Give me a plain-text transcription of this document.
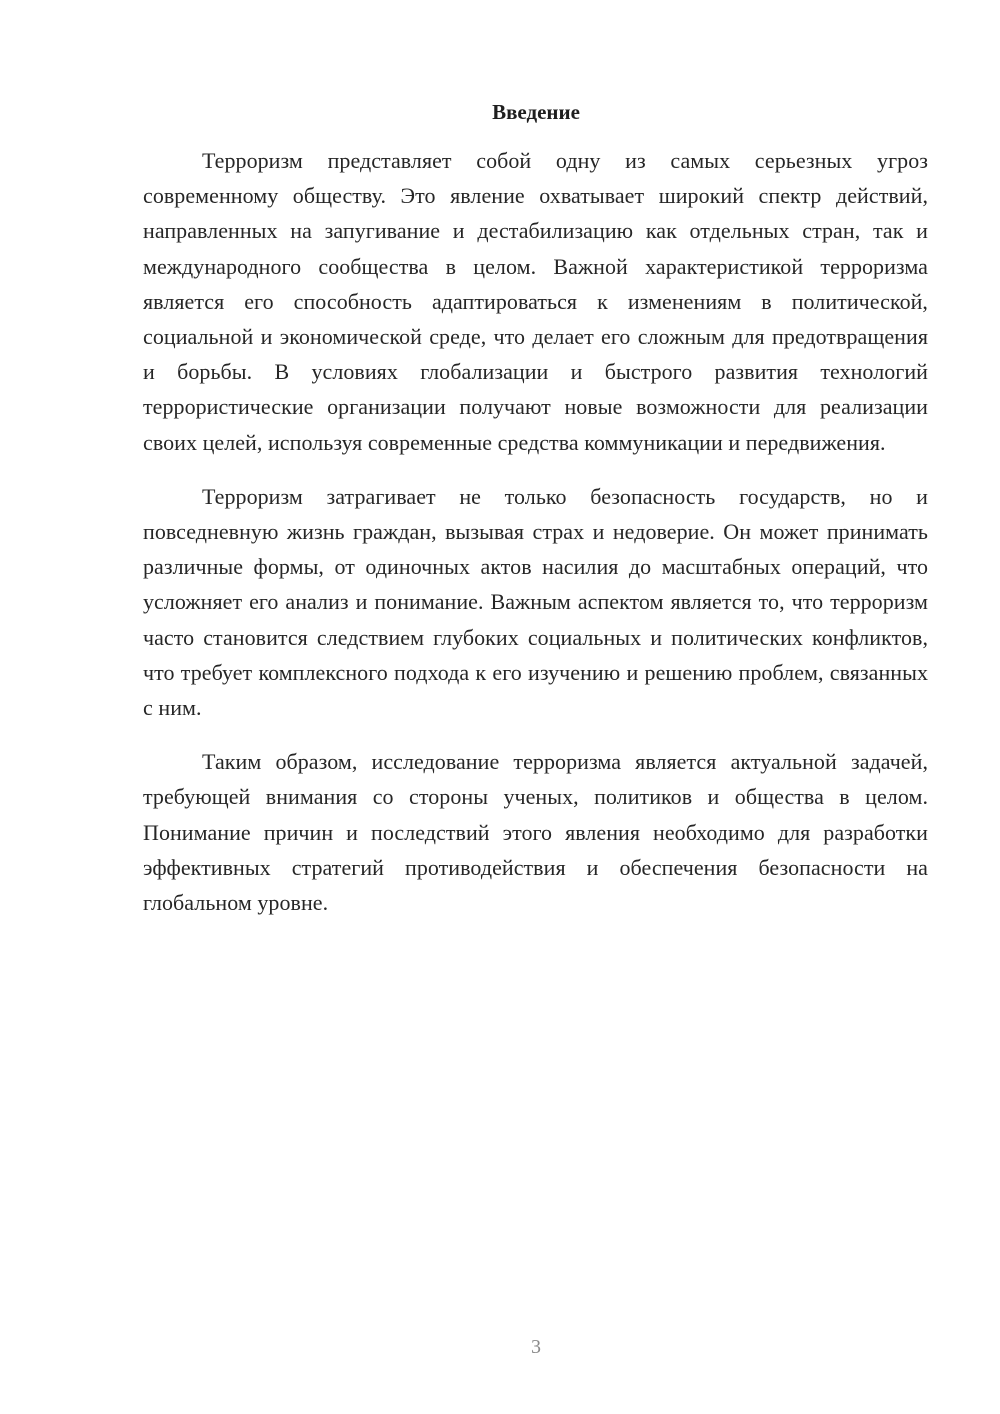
Введение

Терроризм представляет собой одну из самых серьезных угроз современному обществу. Это явление охватывает широкий спектр действий, направленных на запугивание и дестабилизацию как отдельных стран, так и международного сообщества в целом. Важной характеристикой терроризма является его способность адаптироваться к изменениям в политической, социальной и экономической среде, что делает его сложным для предотвращения и борьбы. В условиях глобализации и быстрого развития технологий террористические организации получают новые возможности для реализации своих целей, используя современные средства коммуникации и передвижения.

Терроризм затрагивает не только безопасность государств, но и повседневную жизнь граждан, вызывая страх и недоверие. Он может принимать различные формы, от одиночных актов насилия до масштабных операций, что усложняет его анализ и понимание. Важным аспектом является то, что терроризм часто становится следствием глубоких социальных и политических конфликтов, что требует комплексного подхода к его изучению и решению проблем, связанных с ним.

Таким образом, исследование терроризма является актуальной задачей, требующей внимания со стороны ученых, политиков и общества в целом. Понимание причин и последствий этого явления необходимо для разработки эффективных стратегий противодействия и обеспечения безопасности на глобальном уровне.

3
